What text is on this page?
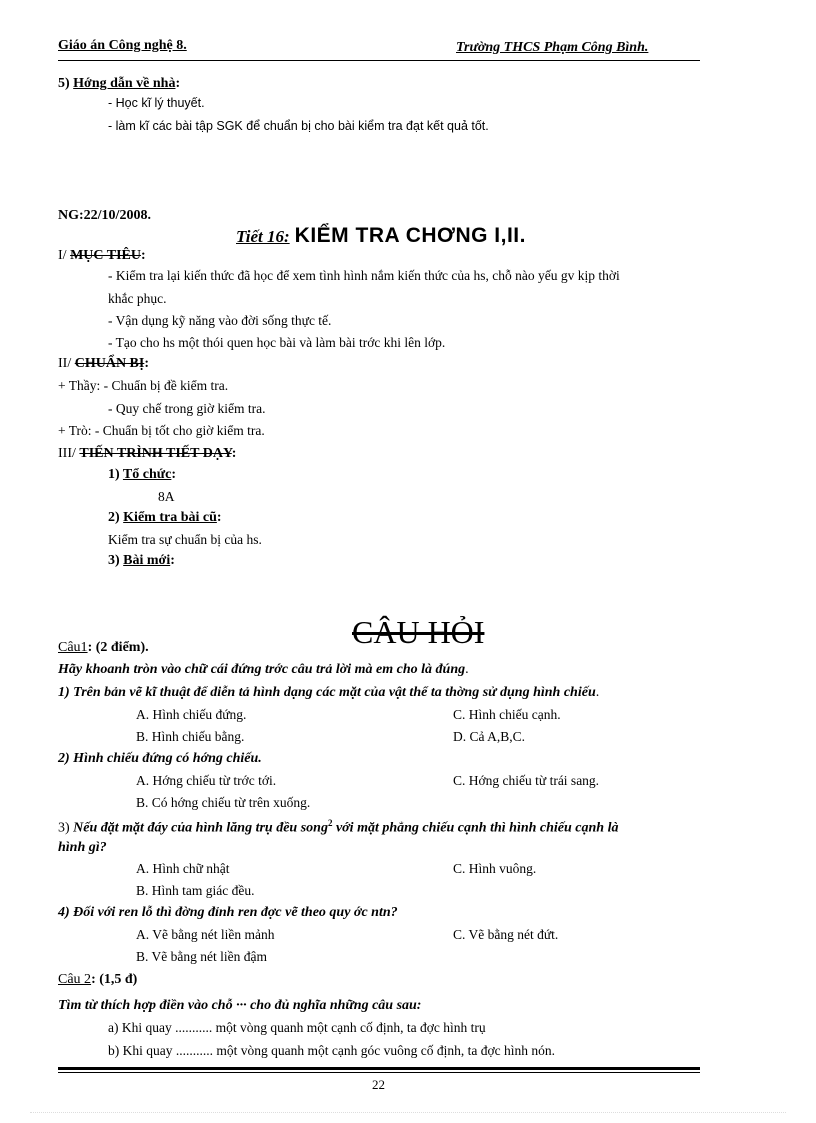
Giáo án Công nghệ 8.	Trường THCS Phạm Công Bình.
5) Hớng dẫn về nhà:
- Học kĩ lý thuyết.
- làm kĩ các bài tập SGK để chuẩn bị cho bài kiểm tra đạt kết quả tốt.
NG:22/10/2008.
Tiết 16: KIỂM TRA CHƠNG I,II.
I/ MỤC TIÊU:
- Kiểm tra lại kiến thức đã học để xem tình hình nắm kiến thức của hs, chỗ nào yếu gv kịp thời
khắc phục.
- Vận dụng kỹ năng vào đời sống thực tế.
- Tạo cho hs một thói quen học bài và làm bài trớc khi lên lớp.
II/ CHUẨN BỊ:
+ Thầy: - Chuẩn bị đề kiểm tra.
- Quy chế trong giờ kiểm tra.
+ Trò: - Chuẩn bị tốt cho giờ kiểm tra.
III/ TIẾN TRÌNH TIẾT DẠY:
1) Tổ chức:
8A
2) Kiểm tra bài cũ:
Kiểm tra sự chuẩn bị của hs.
3) Bài mới:
CÂU HỎI
Câu1: (2 điểm).
Hãy khoanh tròn vào chữ cái đứng trớc câu trả lời mà em cho là đúng.
1) Trên bản vẽ kĩ thuật để diễn tả hình dạng các mặt của vật thể ta thờng sử dụng hình chiếu.
A. Hình chiếu đứng.	C. Hình chiếu cạnh.
B. Hình chiếu bằng.	D. Cả A,B,C.
2) Hình chiếu đứng có hớng chiếu.
A. Hớng chiếu từ trớc tới.	C. Hớng chiếu từ trái sang.
B. Có hớng chiếu từ trên xuống.
3) Nếu đặt mặt đáy của hình lăng trụ đều song$^2$ với mặt phẳng chiếu cạnh thì hình chiếu cạnh là
hình gì?
A. Hình chữ nhật	C. Hình vuông.
B. Hình tam giác đều.
4) Đối với ren lỗ thì đờng đỉnh ren đợc vẽ theo quy ớc ntn?
A. Vẽ bằng nét liền mảnh	C. Vẽ bằng nét đứt.
B. Vẽ bằng nét liền đậm
Câu 2: (1,5 đ)
Tìm từ thích hợp điền vào chỗ ··· cho đủ nghĩa những câu sau:
a) Khi quay ........... một vòng quanh một cạnh cố định, ta đợc hình trụ
b) Khi quay ........... một vòng quanh một cạnh góc vuông cố định, ta đợc hình nón.
22
